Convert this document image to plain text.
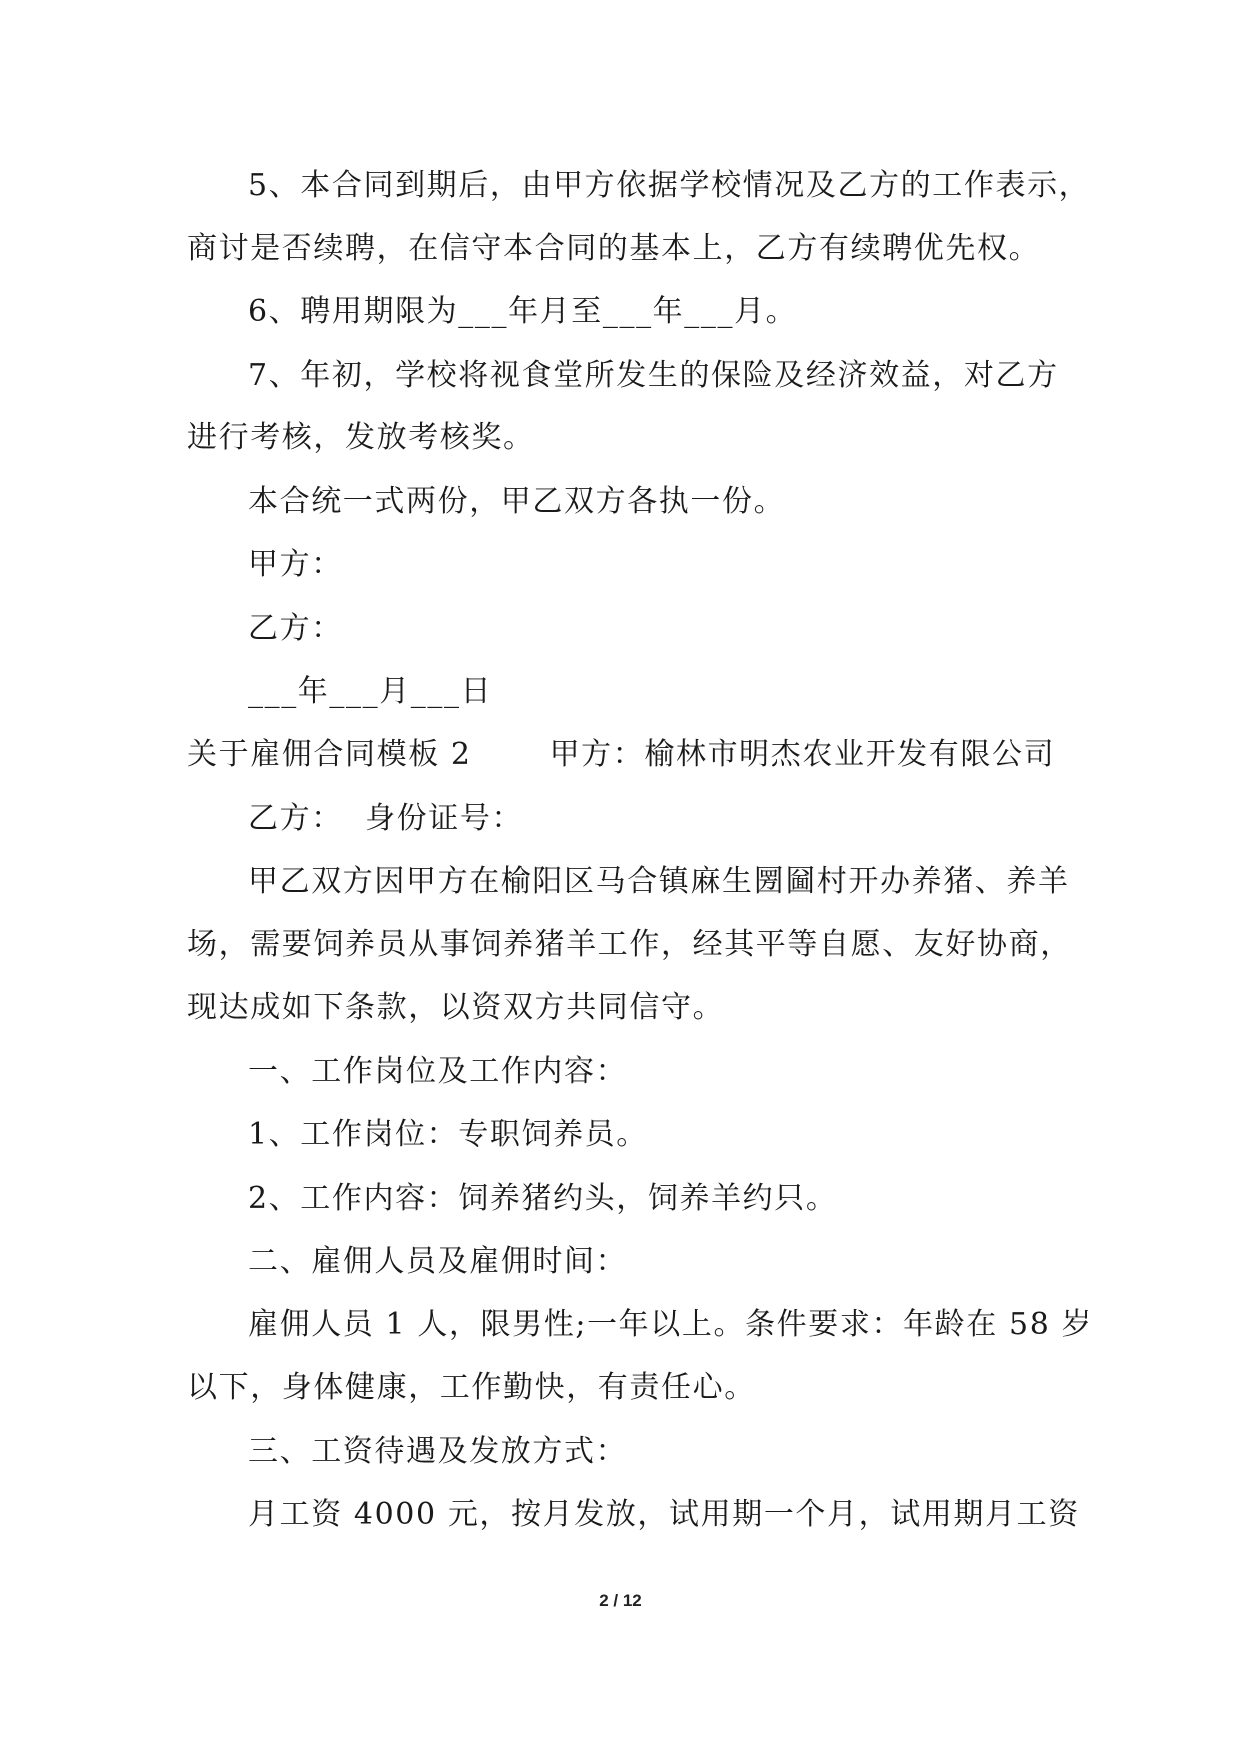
5、本合同到期后，由甲方依据学校情况及乙方的工作表示，
商讨是否续聘，在信守本合同的基本上，乙方有续聘优先权。
6、聘用期限为___年月至___年___月。
7、年初，学校将视食堂所发生的保险及经济效益，对乙方
进行考核，发放考核奖。
本合统一式两份，甲乙双方各执一份。
甲方：
乙方：
___年___月___日
关于雇佣合同模板 2       甲方：榆林市明杰农业开发有限公司
乙方：  身份证号：
甲乙双方因甲方在榆阳区马合镇麻生圐圙村开办养猪、养羊
场，需要饲养员从事饲养猪羊工作，经其平等自愿、友好协商，
现达成如下条款，以资双方共同信守。
一、工作岗位及工作内容：
1、工作岗位：专职饲养员。
2、工作内容：饲养猪约头，饲养羊约只。
二、雇佣人员及雇佣时间：
雇佣人员 1 人，限男性;一年以上。条件要求：年龄在 58 岁
以下，身体健康，工作勤快，有责任心。
三、工资待遇及发放方式：
月工资 4000 元，按月发放，试用期一个月，试用期月工资
2 / 12
